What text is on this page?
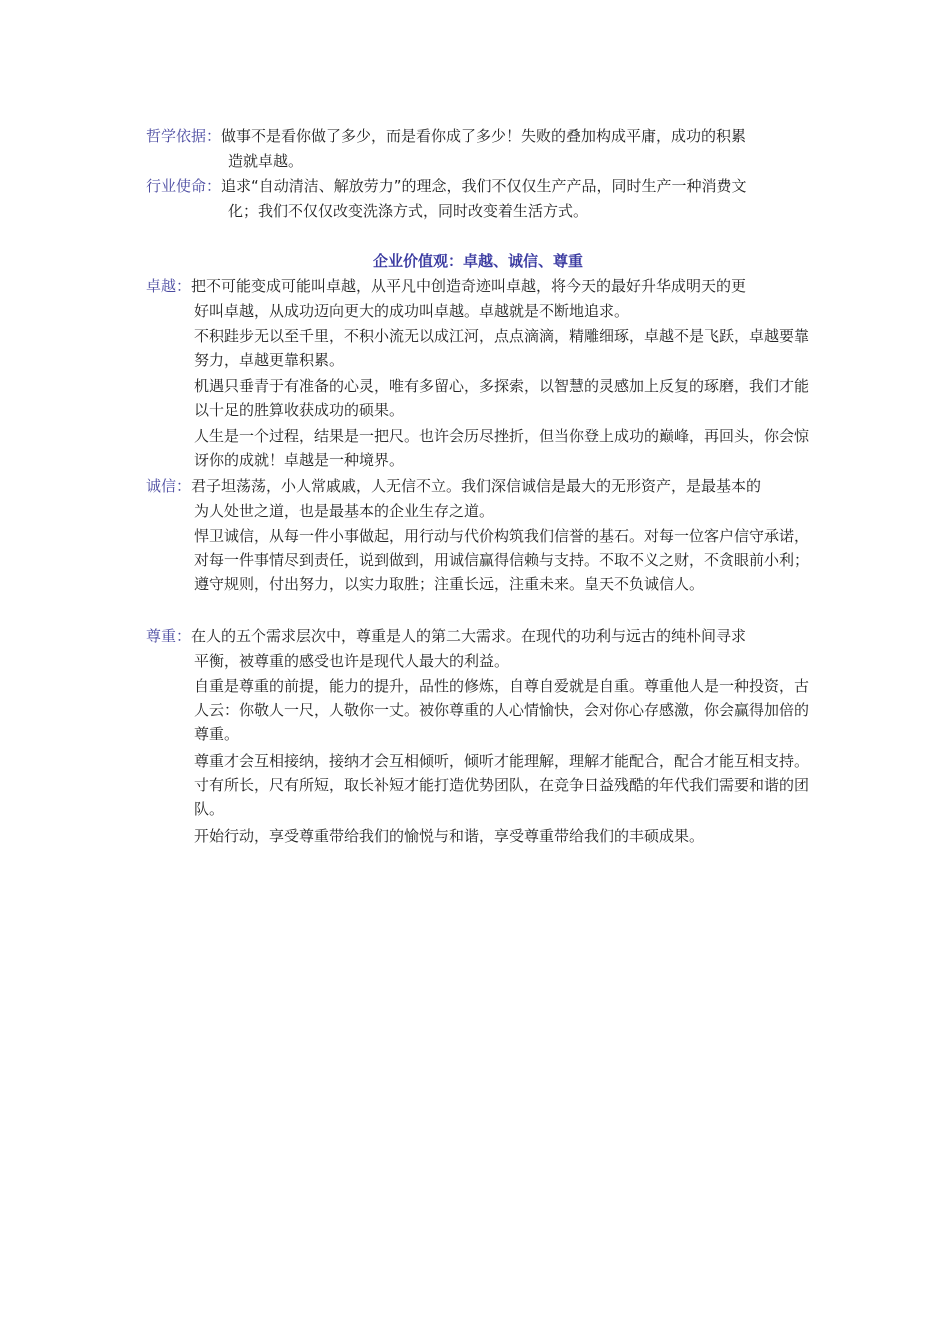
哲学依据：做事不是看你做了多少，而是看你成了多少！失败的叠加构成平庸，成功的积累
造就卓越。
行业使命：追求“自动清洁、解放劳力”的理念，我们不仅仅生产产品，同时生产一种消费文
化；我们不仅仅改变洗涤方式，同时改变着生活方式。
企业价值观：卓越、诚信、尊重
卓越：把不可能变成可能叫卓越，从平凡中创造奇迹叫卓越，将今天的最好升华成明天的更
好叫卓越，从成功迈向更大的成功叫卓越。卓越就是不断地追求。
不积跬步无以至千里，不积小流无以成江河，点点滴滴，精雕细琢，卓越不是飞跃，卓越要靠努力，卓越更靠积累。
机遇只垂青于有准备的心灵，唯有多留心，多探索，以智慧的灵感加上反复的琢磨，我们才能以十足的胜算收获成功的硕果。
人生是一个过程，结果是一把尺。也许会历尽挫折，但当你登上成功的巅峰，再回头，你会惊讶你的成就！卓越是一种境界。
诚信：君子坦荡荡，小人常戚戚，人无信不立。我们深信诚信是最大的无形资产，是最基本的
为人处世之道，也是最基本的企业生存之道。
悍卫诚信，从每一件小事做起，用行动与代价构筑我们信誉的基石。对每一位客户信守承诺，对每一件事情尽到责任，说到做到，用诚信赢得信赖与支持。不取不义之财，不贪眼前小利；遵守规则，付出努力，以实力取胜；注重长远，注重未来。皇天不负诚信人。
尊重：在人的五个需求层次中，尊重是人的第二大需求。在现代的功利与远古的纯朴间寻求
平衡，被尊重的感受也许是现代人最大的利益。
自重是尊重的前提，能力的提升，品性的修炼，自尊自爱就是自重。尊重他人是一种投资，古人云：你敬人一尺，人敬你一丈。被你尊重的人心情愉快，会对你心存感激，你会赢得加倍的尊重。
尊重才会互相接纳，接纳才会互相倾听，倾听才能理解，理解才能配合，配合才能互相支持。寸有所长，尺有所短，取长补短才能打造优势团队，在竞争日益残酷的年代我们需要和谐的团队。
开始行动，享受尊重带给我们的愉悦与和谐，享受尊重带给我们的丰硕成果。
